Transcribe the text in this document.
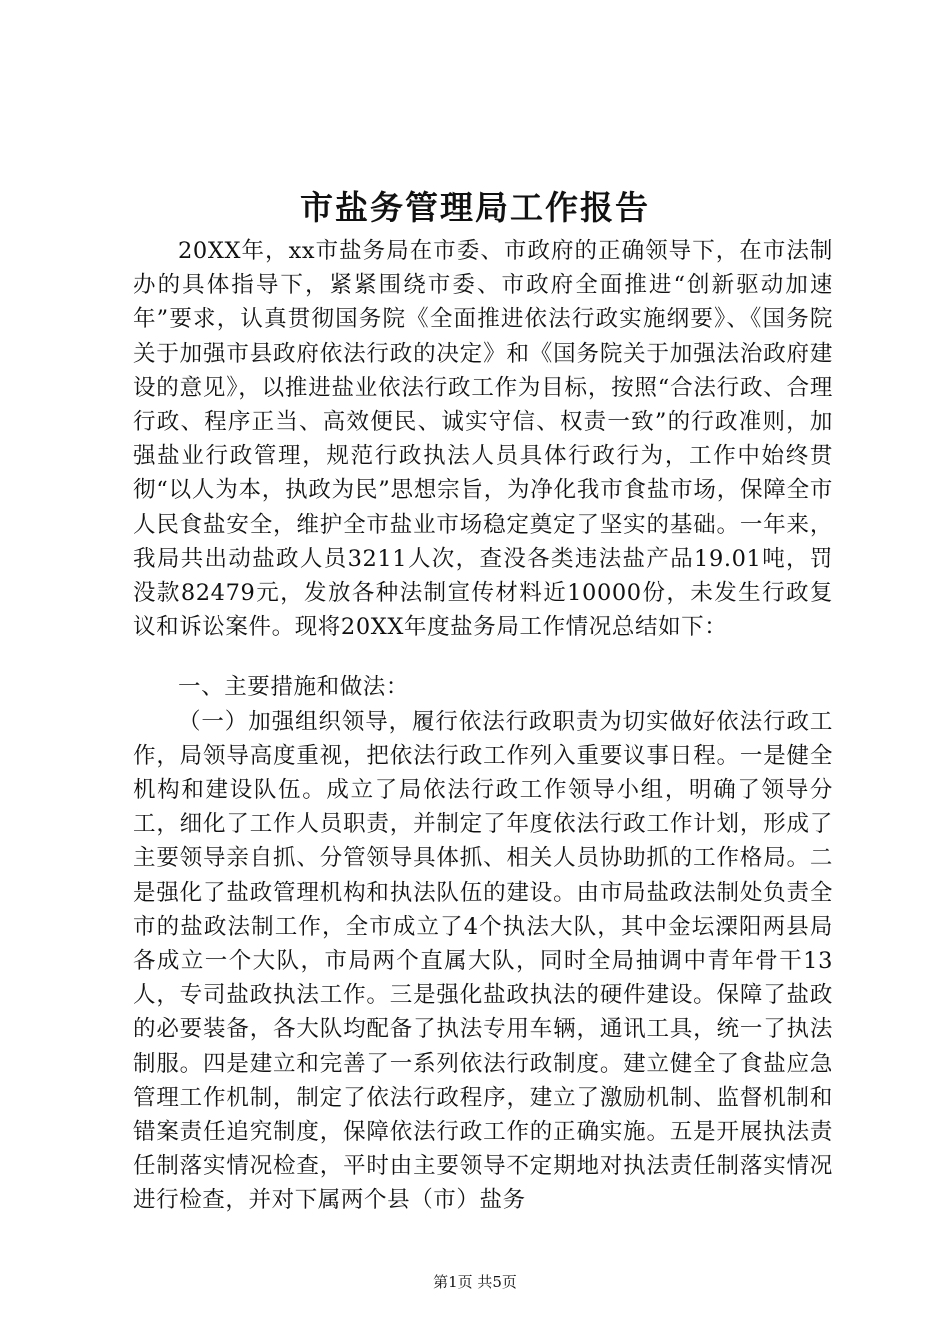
市盐务管理局工作报告

20XX年，xx市盐务局在市委、市政府的正确领导下，在市法制办的具体指导下，紧紧围绕市委、市政府全面推进“创新驱动加速年”要求，认真贯彻国务院《全面推进依法行政实施纲要》、《国务院关于加强市县政府依法行政的决定》和《国务院关于加强法治政府建设的意见》，以推进盐业依法行政工作为目标，按照“合法行政、合理行政、程序正当、高效便民、诚实守信、权责一致”的行政准则，加强盐业行政管理，规范行政执法人员具体行政行为，工作中始终贯彻“以人为本，执政为民”思想宗旨，为净化我市食盐市场，保障全市人民食盐安全，维护全市盐业市场稳定奠定了坚实的基础。一年来，我局共出动盐政人员3211人次，查没各类违法盐产品19.01吨，罚没款82479元，发放各种法制宣传材料近10000份，未发生行政复议和诉讼案件。现将20XX年度盐务局工作情况总结如下：

一、主要措施和做法：

（一）加强组织领导，履行依法行政职责为切实做好依法行政工作，局领导高度重视，把依法行政工作列入重要议事日程。一是健全机构和建设队伍。成立了局依法行政工作领导小组，明确了领导分工，细化了工作人员职责，并制定了年度依法行政工作计划，形成了主要领导亲自抓、分管领导具体抓、相关人员协助抓的工作格局。二是强化了盐政管理机构和执法队伍的建设。由市局盐政法制处负责全市的盐政法制工作，全市成立了4个执法大队，其中金坛溧阳两县局各成立一个大队，市局两个直属大队，同时全局抽调中青年骨干13人，专司盐政执法工作。三是强化盐政执法的硬件建设。保障了盐政的必要装备，各大队均配备了执法专用车辆，通讯工具，统一了执法制服。四是建立和完善了一系列依法行政制度。建立健全了食盐应急管理工作机制，制定了依法行政程序，建立了激励机制、监督机制和错案责任追究制度，保障依法行政工作的正确实施。五是开展执法责任制落实情况检查，平时由主要领导不定期地对执法责任制落实情况进行检查，并对下属两个县（市）盐务

第1页 共5页
